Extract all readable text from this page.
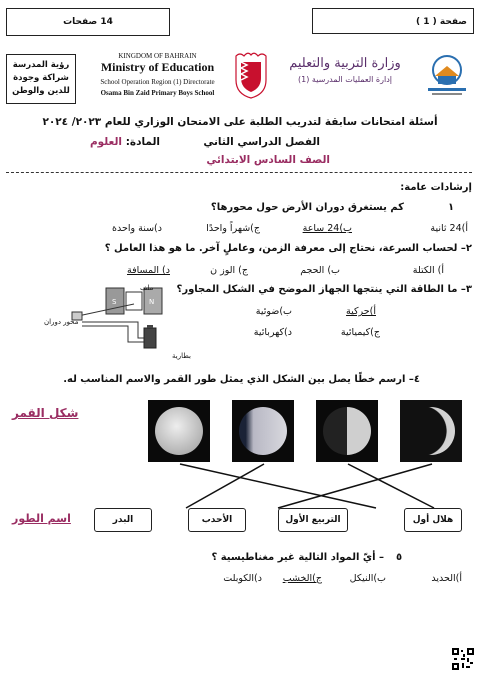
صفحة ( 1 )
14 صفحات
رؤية المدرسة
شراكة وجودة
للدين والوطن
KINGDOM OF BAHRAIN
Ministry of Education
School Operation Region (1) Directorate
Osama Bin Zaid Primary Boys School
وزارة التربية والتعليم
إدارة العمليات المدرسية (1)
أسئلة امتحانات سابقة لتدريب الطلبة على الامتحان الوزاري للعام ٢٠٢٣/ ٢٠٢٤
الفصل الدراسي الثاني
المادة: العلوم
الصف السادس الابتدائي
إرشادات عامة:
١
كم يستغرق دوران الأرض حول محورها؟
أ)24 ثانية
ب)24 ساعة
ج)شهراً واحدًا
د)سنة واحدة
٢– لحساب السرعة، نحتاج إلى معرفة الزمن، وعاملٍ آخر. ما هو هذا العامل ؟
أ) الكتلة
ب) الحجم
ج) الوز ن
د) المسافة
٣– ما الطاقة التي ينتجها الجهاز الموضح في الشكل المجاور؟
أ)حركية
ب)ضوئية
ج)كيميائية
د)كهربائية
S	N
ملف
محور دوران
بطارية
٤– ارسم خطًا يصل بين الشكل الذي يمثل طور القمر والاسم المناسب له.
شكل القمر
هلال أول
التربيع الأول
الأحدب
البدر
اسم الطور
٥
– أيّ المواد التالية غير مغناطيسية ؟
أ)الحديد
ب)النيكل
ج)الخشب
د)الكوبلت
